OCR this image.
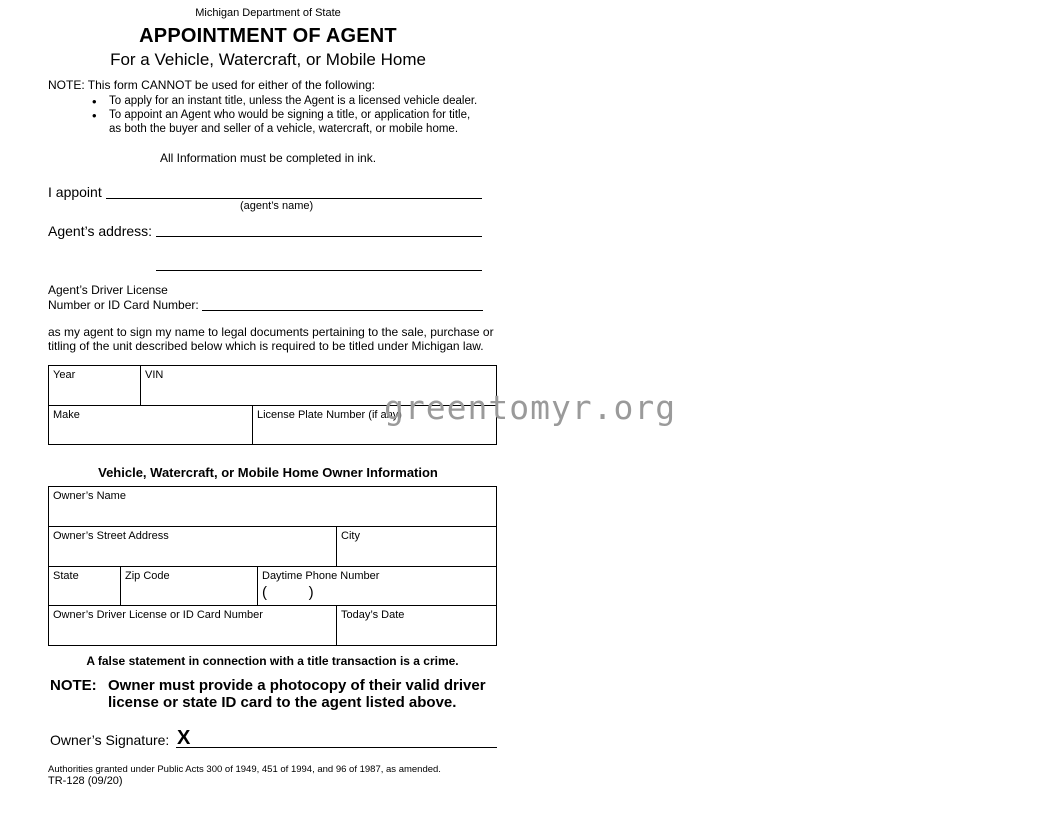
Michigan Department of State
APPOINTMENT OF AGENT
For a Vehicle, Watercraft, or Mobile Home
NOTE: This form CANNOT be used for either of the following:
• To apply for an instant title, unless the Agent is a licensed vehicle dealer.
• To appoint an Agent who would be signing a title, or application for title,
as both the buyer and seller of a vehicle, watercraft, or mobile home.
All Information must be completed in ink.
I appoint
(agent’s name)
Agent’s address:
Agent’s Driver License
Number or ID Card Number:
as my agent to sign my name to legal documents pertaining to the sale, purchase or
titling of the unit described below which is required to be titled under Michigan law.
Year	VIN
Make	License Plate Number (if any)
Vehicle, Watercraft, or Mobile Home Owner Information
Owner’s Name
Owner’s Street Address	City
State	Zip Code	Daytime Phone Number
(          )
Owner’s Driver License or ID Card Number	Today’s Date
A false statement in connection with a title transaction is a crime.
NOTE: Owner must provide a photocopy of their valid driver
license or state ID card to the agent listed above.
Owner’s Signature: X
Authorities granted under Public Acts 300 of 1949, 451 of 1994, and 96 of 1987, as amended.
TR-128 (09/20)
greentomyr.org
